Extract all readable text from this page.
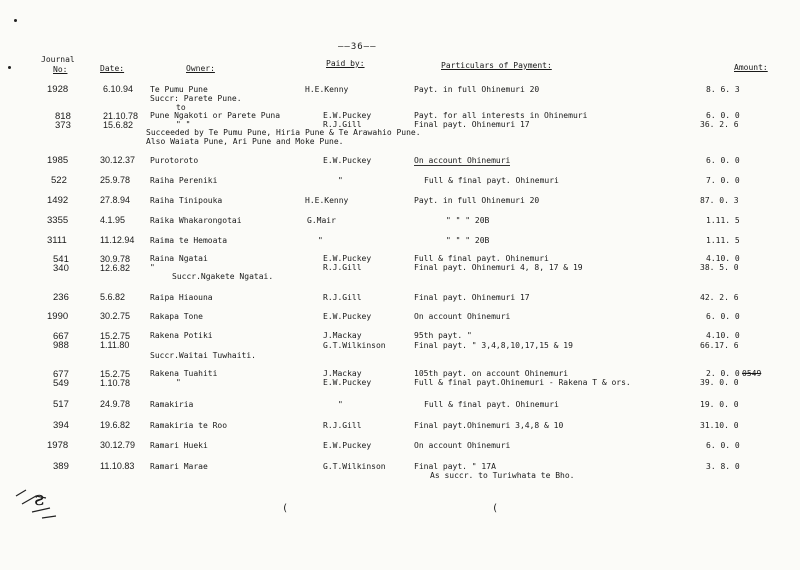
——36——
Journal
No:	Date:	Owner:
Paid by:	Particulars of Payment:	Amount:
1928	6.10.94 Te Pumu Pune	H.E.Kenny	Payt. in full Ohinemuri 20	8. 6. 3
Succr: Parete Pune.
to
818	21.10.78 Pune Ngakoti or Parete Puna	E.W.Puckey	Payt. for all interests in Ohinemuri	6. 0. 0
373	15.6.82	" "	R.J.Gill	Final payt. Ohinemuri 17	36. 2. 6
Succeeded by Te Pumu Pune, Hiria Pune & Te Arawahio Pune.
Also Waiata Pune, Ari Pune and Moke Pune.
1985	30.12.37 Purotoroto	E.W.Puckey	On account Ohinemuri	6. 0. 0
522	25.9.78 Raiha Pereniki	"	Full & final payt. Ohinemuri	7. 0. 0
1492	27.8.94 Raiha Tinipouka	H.E.Kenny	Payt. in full Ohinemuri 20	87. 0. 3
3355	4.1.95	Raika Whakarongotai	G.Mair	" " " 20B	1.11. 5
3111	11.12.94 Raima te Hemoata	"	" " " 20B	1.11. 5
541	30.9.78 Raina Ngatai	E.W.Puckey	Full & final payt. Ohinemuri	4.10. 0
340	12.6.82 "	R.J.Gill	Final payt. Ohinemuri 4, 8, 17 & 19	38. 5. 0
Succr.Ngakete Ngatai.
236	5.6.82	Raipa Hiaouna	R.J.Gill	Final payt. Ohinemuri 17	42. 2. 6
1990	30.2.75 Rakapa Tone	E.W.Puckey	On account Ohinemuri	6. 0. 0
667	15.2.75 Rakena Potiki	J.Mackay	95th payt. "	4.10. 0
988	1.11.80	G.T.Wilkinson	Final payt. " 3,4,8,10,17,15 & 19	66.17. 6
Succr.Waitai Tuwhaiti.
677	15.2.75 Rakena Tuahiti	J.Mackay	105th payt. on account Ohinemuri	2. 0. 0 0549
549	1.10.78	"	E.W.Puckey	Full & final payt.Ohinemuri - Rakena T & ors.	39. 0. 0
517	24.9.78 Ramakiria	"	Full & final payt. Ohinemuri	19. 0. 0
394	19.6.82 Ramakiria te Roo	R.J.Gill	Final payt.Ohinemuri 3,4,8 & 10	31.10. 0
1978	30.12.79 Ramari Hueki	E.W.Puckey	On account Ohinemuri	6. 0. 0
389	11.10.83 Ramari Marae	G.T.Wilkinson	Final payt. " 17A	3. 8. 0
As succr. to Turiwhata te Bho.
ƨ	(	(
